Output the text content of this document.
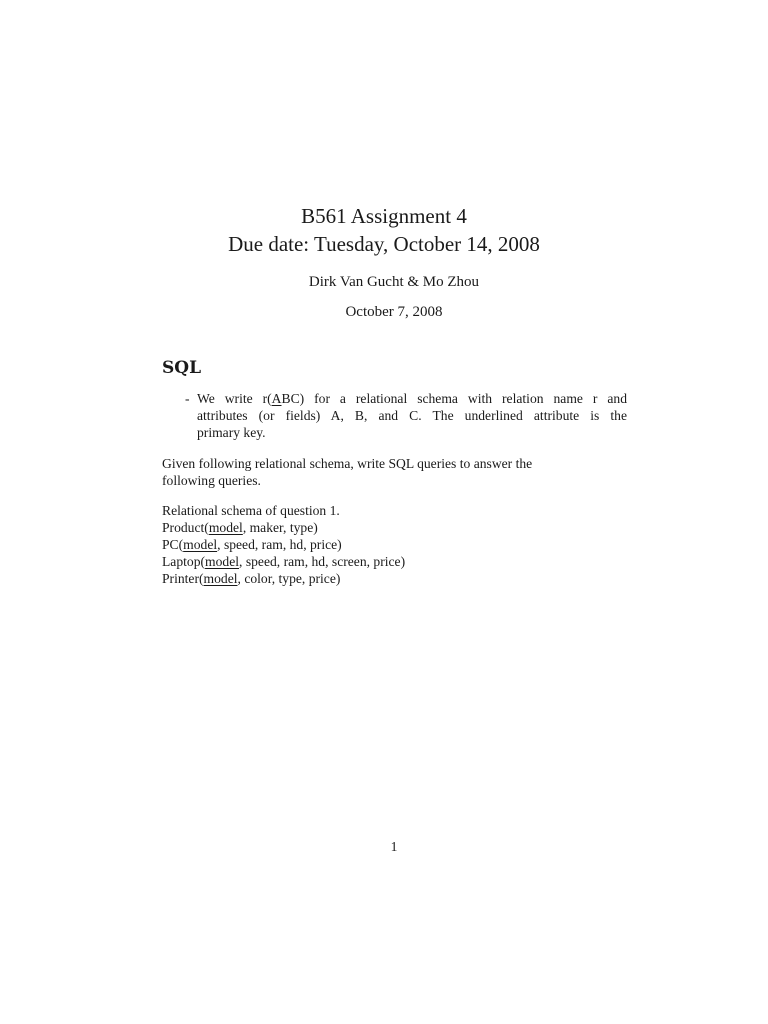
B561 Assignment 4
Due date: Tuesday, October 14, 2008
Dirk Van Gucht & Mo Zhou
October 7, 2008
SQL
- We write r(ABC) for a relational schema with relation name r and
attributes (or fields) A, B, and C. The underlined attribute is the
primary key.
Given following relational schema, write SQL queries to answer the
following queries.
Relational schema of question 1.
Product(model, maker, type)
PC(model, speed, ram, hd, price)
Laptop(model, speed, ram, hd, screen, price)
Printer(model, color, type, price)
1
